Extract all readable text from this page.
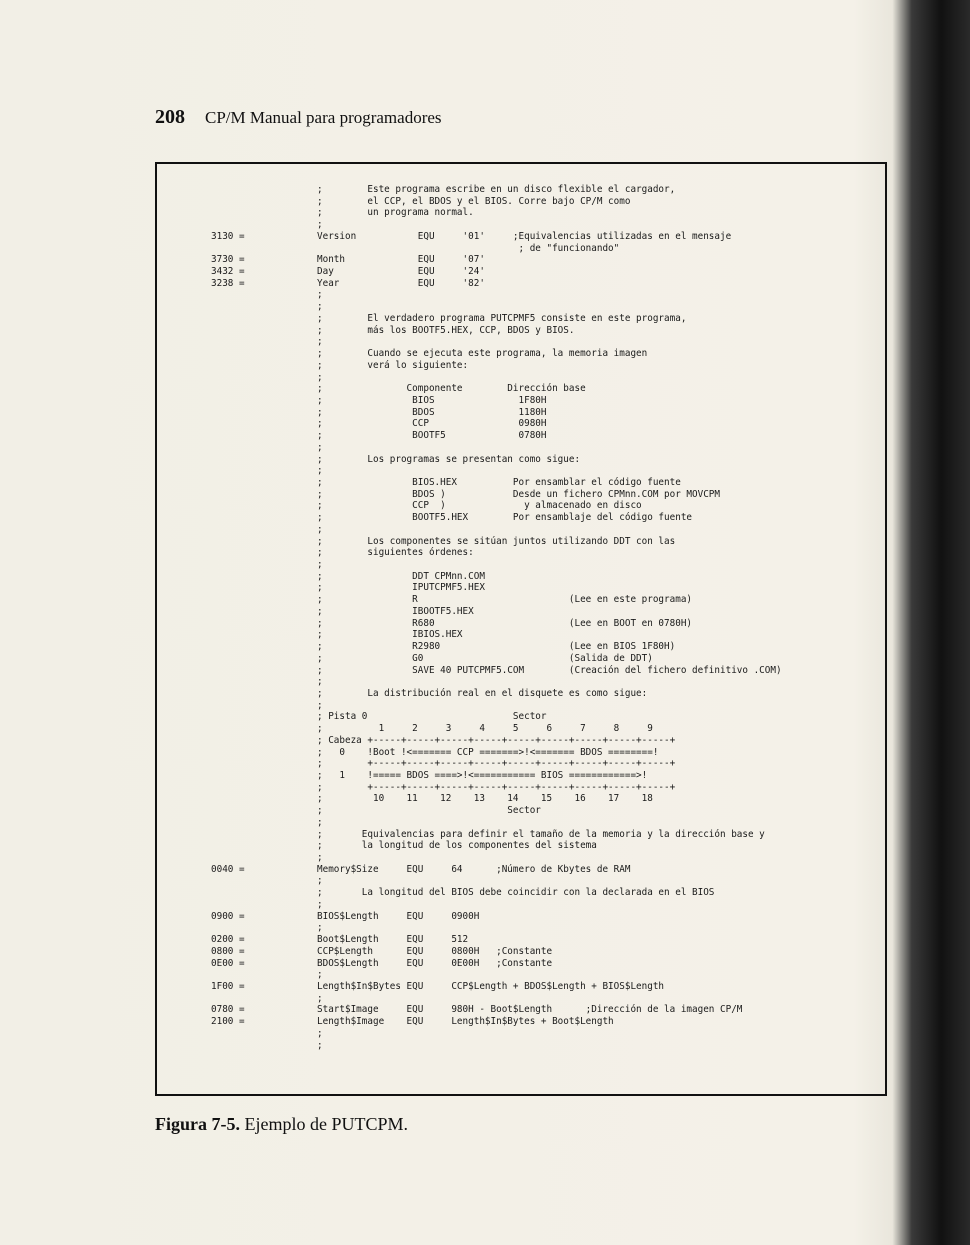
208 CP/M Manual para programadores
;        Este programa escribe en un disco flexible el cargador,
;        el CCP, el BDOS y el BIOS. Corre bajo CP/M como
;        un programa normal.
;
3130 =	Version           EQU     '01'     ;Equivalencias utilizadas en el mensaje
; de "funcionando"
3730 =	Month             EQU     '07'
3432 =	Day               EQU     '24'
3238 =	Year              EQU     '82'
;
;
;        El verdadero programa PUTCPMF5 consiste en este programa,
;        más los BOOTF5.HEX, CCP, BDOS y BIOS.
;
;        Cuando se ejecuta este programa, la memoria imagen
;        verá lo siguiente:
;
;               Componente        Dirección base
;                BIOS               1F80H
;                BDOS               1180H
;                CCP                0980H
;                BOOTF5             0780H
;
;        Los programas se presentan como sigue:
;
;                BIOS.HEX          Por ensamblar el código fuente
;                BDOS )            Desde un fichero CPMnn.COM por MOVCPM
;                CCP  )              y almacenado en disco
;                BOOTF5.HEX        Por ensamblaje del código fuente
;
;        Los componentes se sitúan juntos utilizando DDT con las
;        siguientes órdenes:
;
;                DDT CPMnn.COM
;                IPUTCPMF5.HEX
;                R                           (Lee en este programa)
;                IBOOTF5.HEX
;                R680                        (Lee en BOOT en 0780H)
;                IBIOS.HEX
;                R2980                       (Lee en BIOS 1F80H)
;                G0                          (Salida de DDT)
;                SAVE 40 PUTCPMF5.COM        (Creación del fichero definitivo .COM)
;
;        La distribución real en el disquete es como sigue:
;
; Pista 0                          Sector
;          1     2     3     4     5     6     7     8     9
; Cabeza +-----+-----+-----+-----+-----+-----+-----+-----+-----+
;   0    !Boot !<======= CCP =======>!<======= BDOS ========!
;        +-----+-----+-----+-----+-----+-----+-----+-----+-----+
;   1    !===== BDOS ====>!<=========== BIOS ============>!
;        +-----+-----+-----+-----+-----+-----+-----+-----+-----+
;         10    11    12    13    14    15    16    17    18
;                                 Sector
;
;       Equivalencias para definir el tamaño de la memoria y la dirección base y
;       la longitud de los componentes del sistema
;
0040 =	Memory$Size     EQU     64      ;Número de Kbytes de RAM
;
;       La longitud del BIOS debe coincidir con la declarada en el BIOS
;
0900 =	BIOS$Length     EQU     0900H
;
0200 =	Boot$Length     EQU     512
0800 =	CCP$Length      EQU     0800H   ;Constante
0E00 =	BDOS$Length     EQU     0E00H   ;Constante
;
1F00 =	Length$In$Bytes EQU     CCP$Length + BDOS$Length + BIOS$Length
;
0780 =	Start$Image     EQU     980H - Boot$Length      ;Dirección de la imagen CP/M
2100 =	Length$Image    EQU     Length$In$Bytes + Boot$Length
;
;
Figura 7-5. Ejemplo de PUTCPM.
